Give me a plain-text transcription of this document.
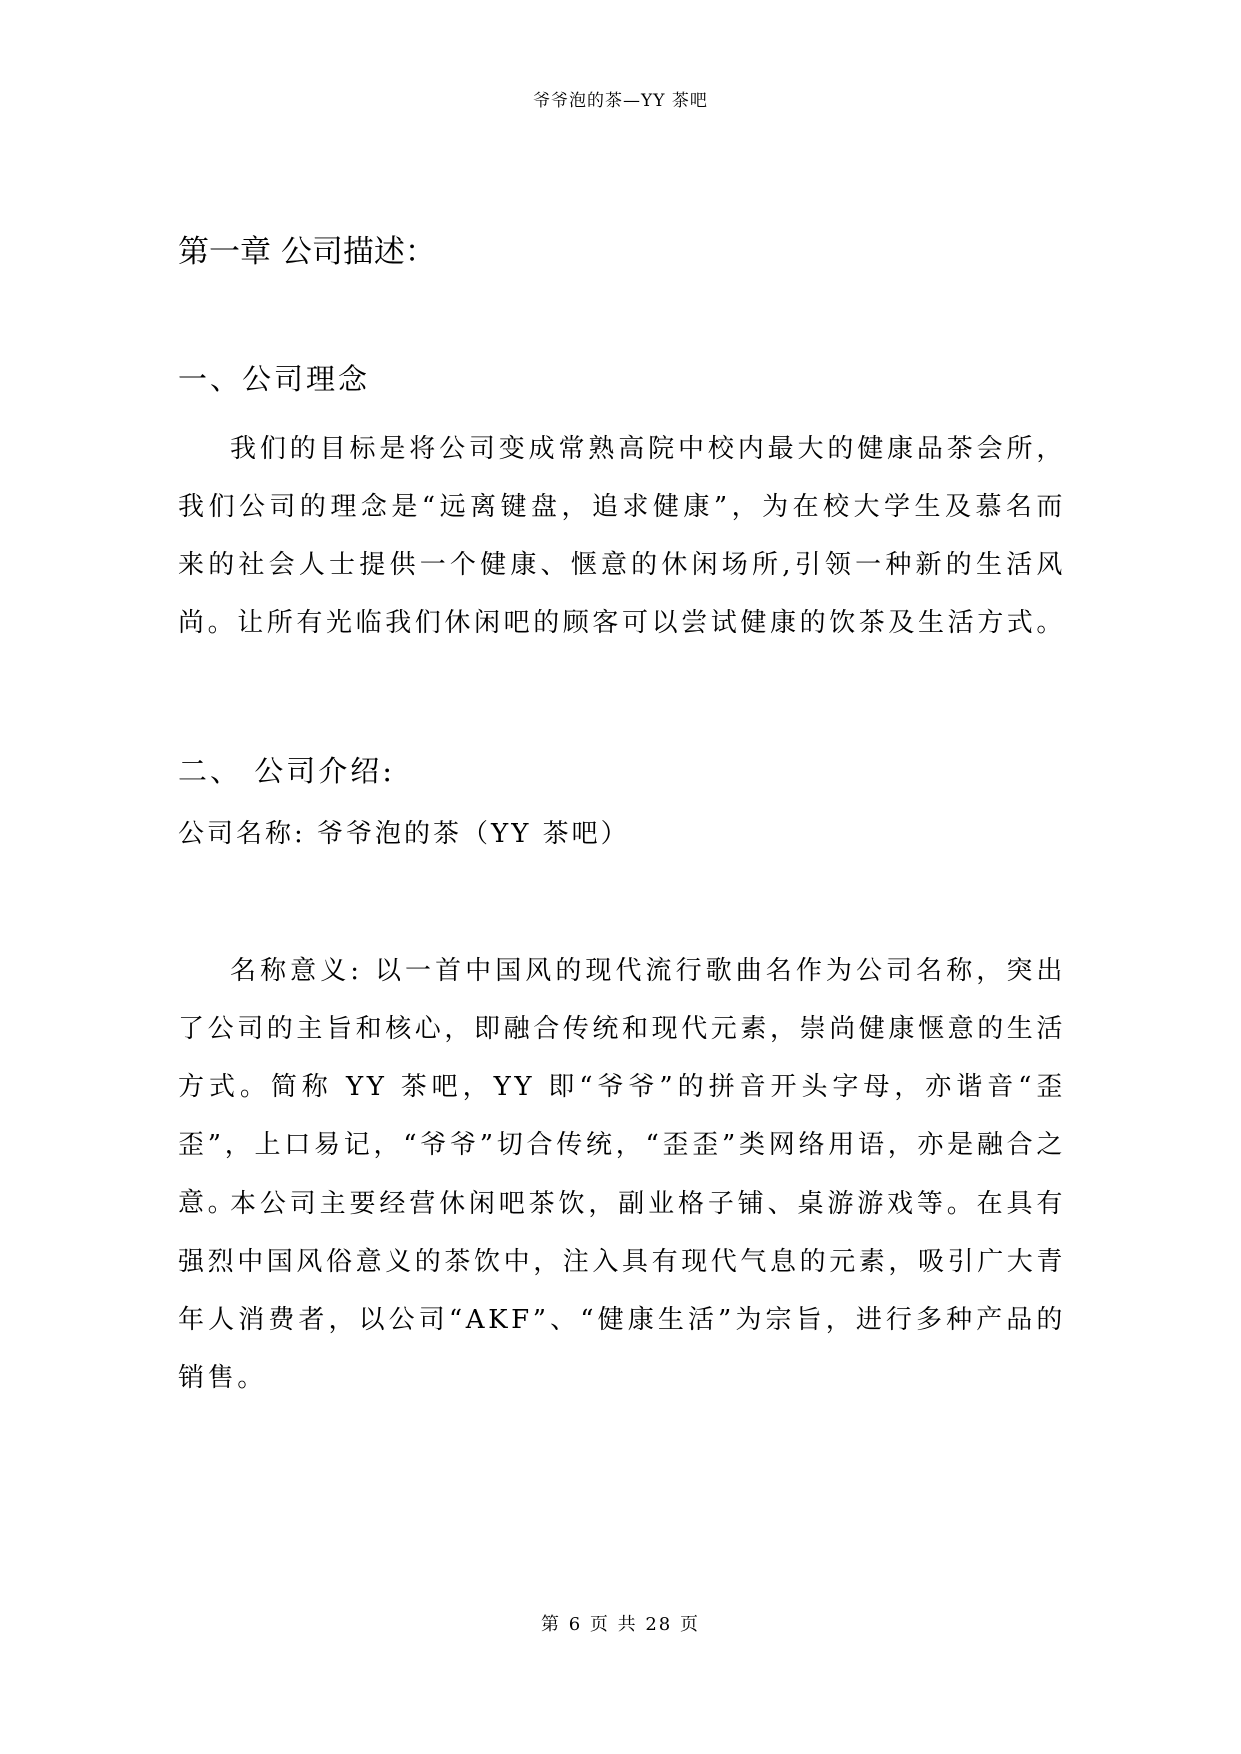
爷爷泡的茶—YY 茶吧
第一章 公司描述：
一、公司理念

我们的目标是将公司变成常熟高院中校内最大的健康品茶会所，我们公司的理念是“远离键盘，追求健康”，为在校大学生及慕名而来的社会人士提供一个健康、惬意的休闲场所,引领一种新的生活风尚。让所有光临我们休闲吧的顾客可以尝试健康的饮茶及生活方式。

二、 公司介绍:

公司名称: 爷爷泡的茶（YY 茶吧）

名称意义: 以一首中国风的现代流行歌曲名作为公司名称，突出了公司的主旨和核心，即融合传统和现代元素，崇尚健康惬意的生活方式。简称 YY 茶吧，YY 即“爷爷”的拼音开头字母，亦谐音“歪歪”，上口易记，“爷爷”切合传统，“歪歪”类网络用语，亦是融合之意。

本公司主要经营休闲吧茶饮，副业格子铺、桌游游戏等。在具有强烈中国风俗意义的茶饮中，注入具有现代气息的元素，吸引广大青年人消费者，以公司“AKF”、“健康生活”为宗旨，进行多种产品的销售。

第 6 页 共 28 页
